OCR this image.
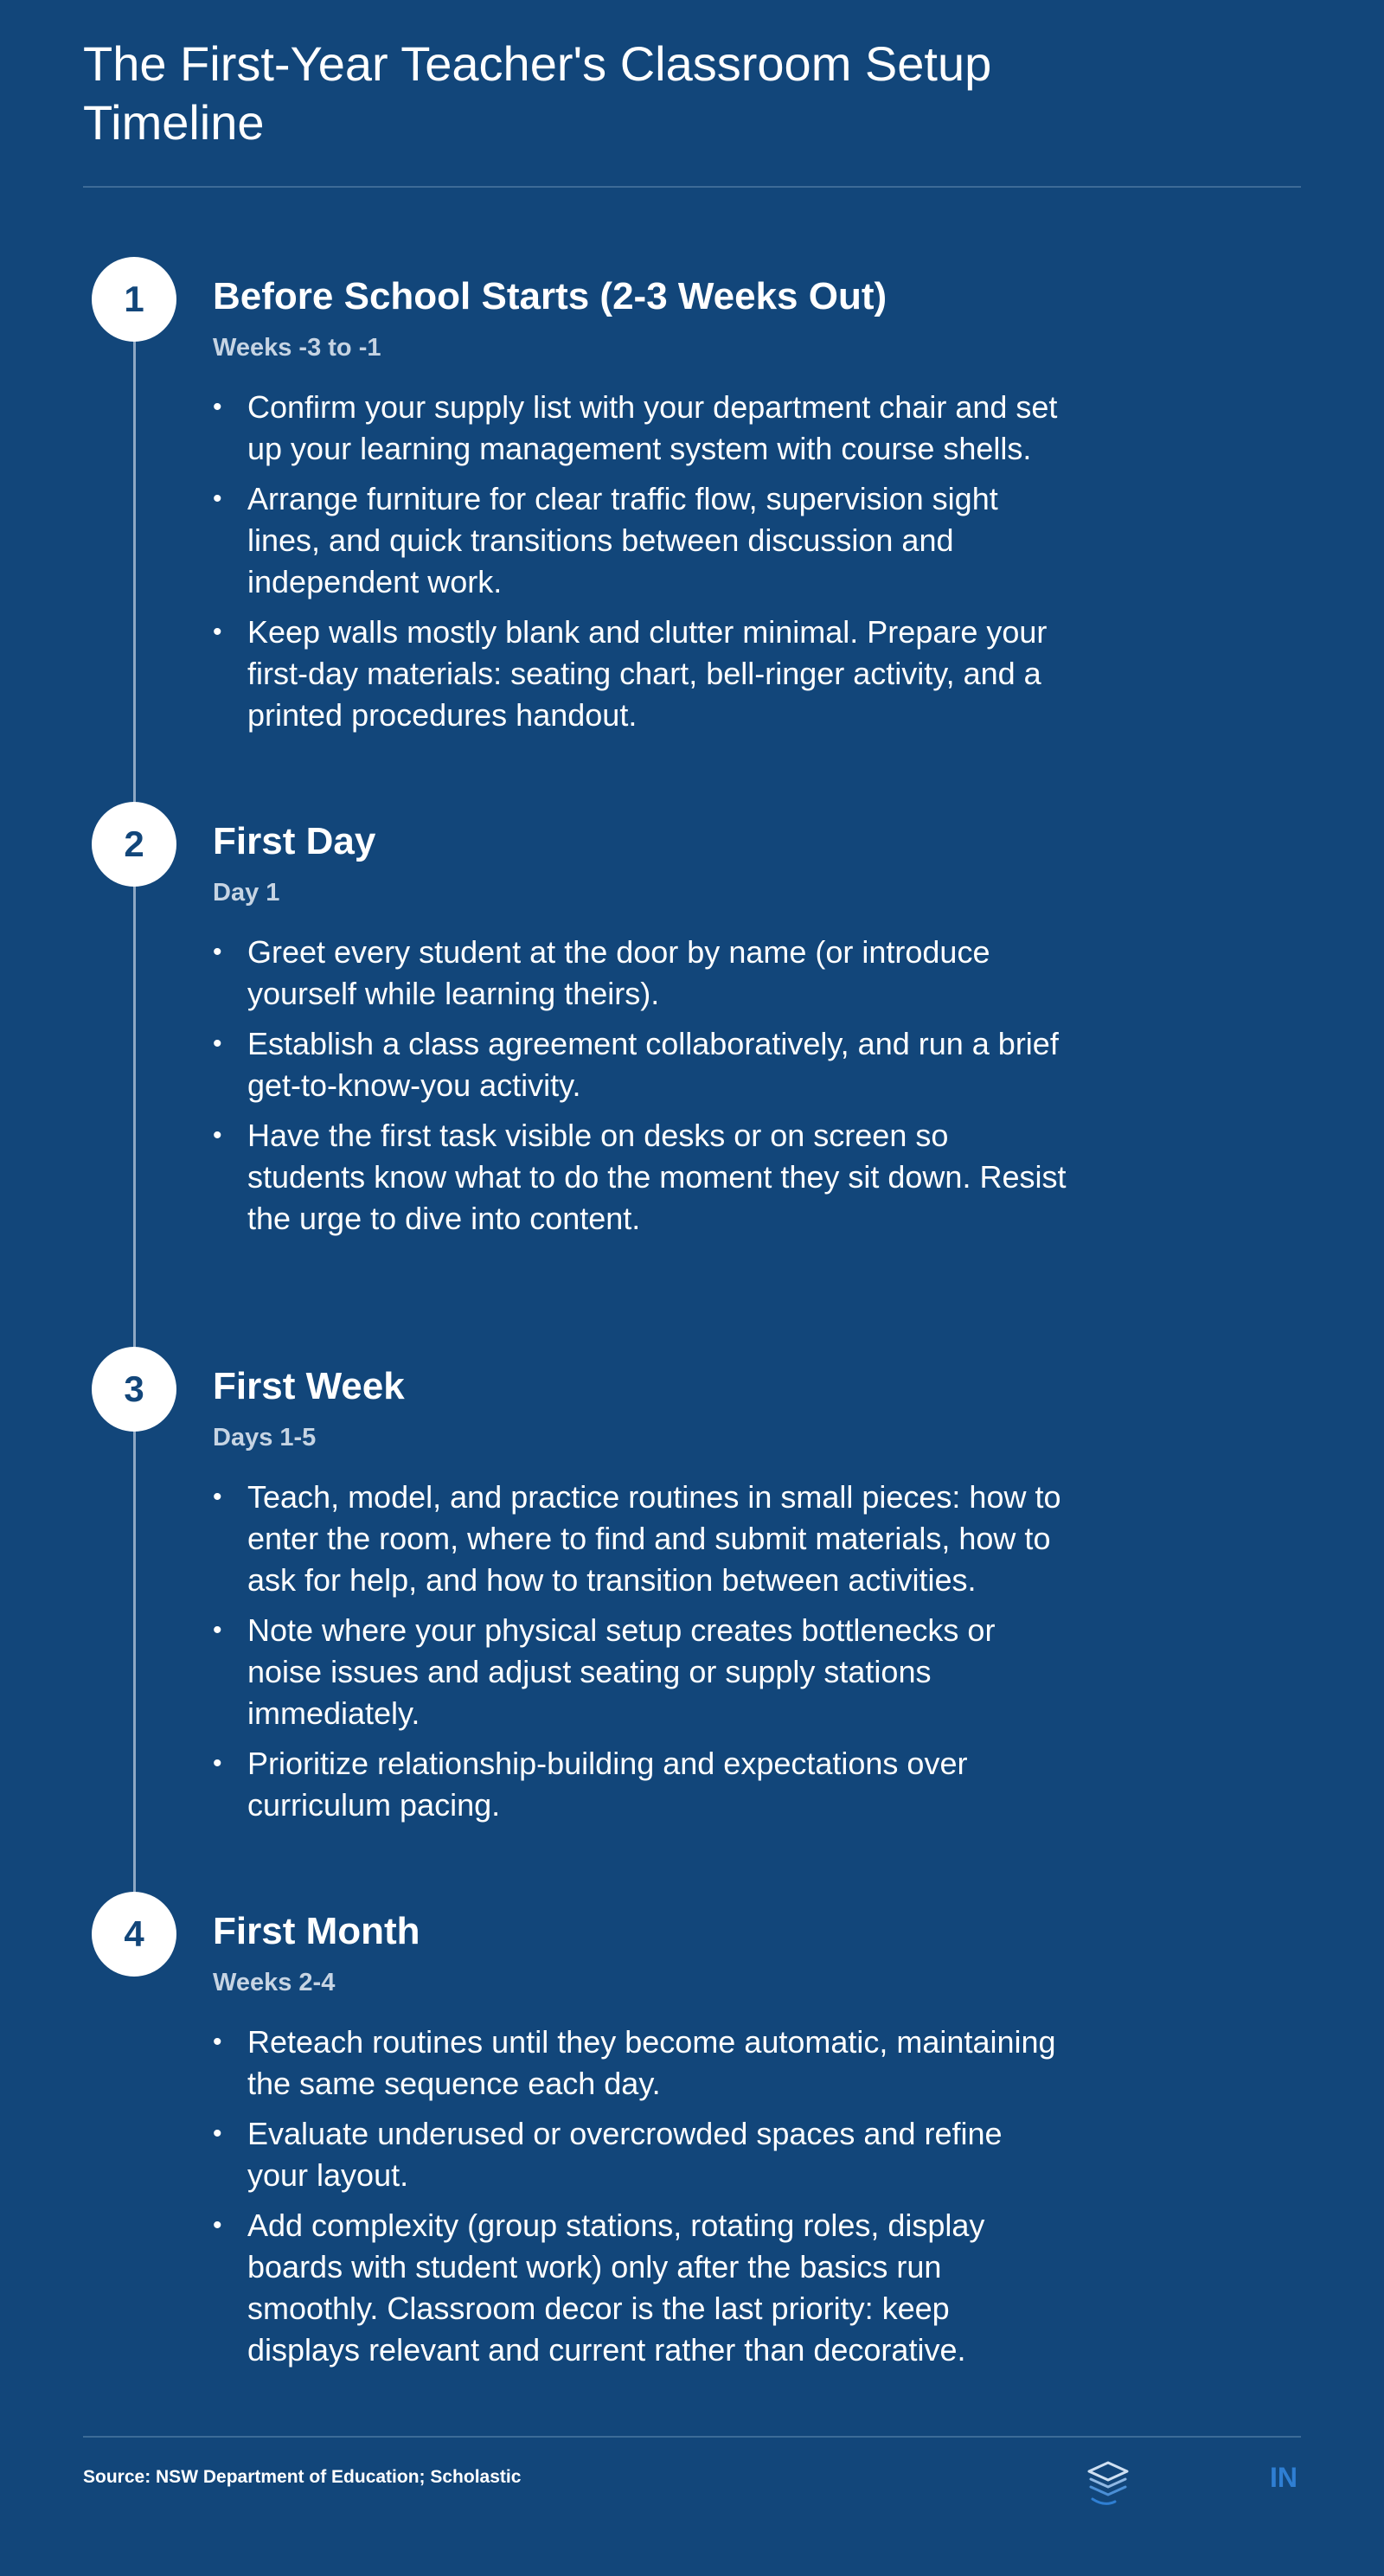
The First-Year Teacher's Classroom Setup Timeline
1	Before School Starts (2-3 Weeks Out)
Weeks -3 to -1
• Confirm your supply list with your department chair and set up your learning management system with course shells.
• Arrange furniture for clear traffic flow, supervision sight lines, and quick transitions between discussion and independent work.
• Keep walls mostly blank and clutter minimal. Prepare your first-day materials: seating chart, bell-ringer activity, and a printed procedures handout.
2	First Day
Day 1
• Greet every student at the door by name (or introduce yourself while learning theirs).
• Establish a class agreement collaboratively, and run a brief get-to-know-you activity.
• Have the first task visible on desks or on screen so students know what to do the moment they sit down. Resist the urge to dive into content.
3	First Week
Days 1-5
• Teach, model, and practice routines in small pieces: how to enter the room, where to find and submit materials, how to ask for help, and how to transition between activities.
• Note where your physical setup creates bottlenecks or noise issues and adjust seating or supply stations immediately.
• Prioritize relationship-building and expectations over curriculum pacing.
4	First Month
Weeks 2-4
• Reteach routines until they become automatic, maintaining the same sequence each day.
• Evaluate underused or overcrowded spaces and refine your layout.
• Add complexity (group stations, rotating roles, display boards with student work) only after the basics run smoothly. Classroom decor is the last priority: keep displays relevant and current rather than decorative.
Source: NSW Department of Education; Scholastic	IN
